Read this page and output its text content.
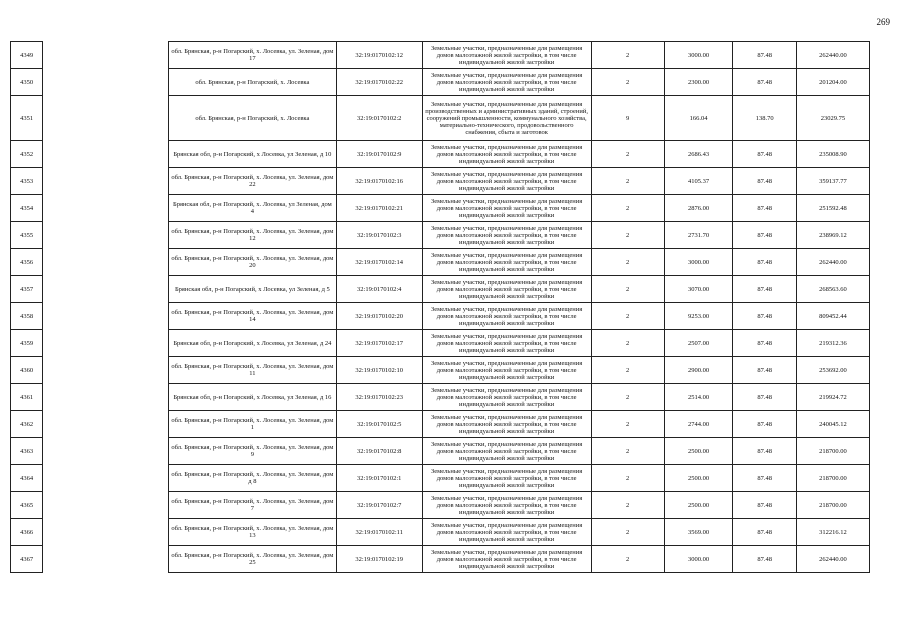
269
4349		обл. Брянская, р-н Погарский, х. Лосевка, ул. Зеленая, дом 17	32:19:0170102:12	Земельные участки, предназначенные для размещения домов малоэтажной жилой застройки, в том числе индивидуальной жилой застройки	2	3000.00	87.48	262440.00
4350		обл. Брянская, р-н Погарский, х. Лосевка	32:19:0170102:22	Земельные участки, предназначенные для размещения домов малоэтажной жилой застройки, в том числе индивидуальной жилой застройки	2	2300.00	87.48	201204.00
4351		обл. Брянская, р-н Погарский, х. Лосевка	32:19:0170102:2	Земельные участки, предназначенные для размещения производственных и административных зданий, строений, сооружений промышленности, коммунального хозяйства, материально-технического, продовольственного снабжения, сбыта и заготовок	9	166.04	138.70	23029.75
4352		Брянская обл, р-н Погарский, х Лосевка, ул Зеленая, д 10	32:19:0170102:9	Земельные участки, предназначенные для размещения домов малоэтажной жилой застройки, в том числе индивидуальной жилой застройки	2	2686.43	87.48	235008.90
4353		обл. Брянская, р-н Погарский, х. Лосевка, ул. Зеленая, дом 22	32:19:0170102:16	Земельные участки, предназначенные для размещения домов малоэтажной жилой застройки, в том числе индивидуальной жилой застройки	2	4105.37	87.48	359137.77
4354		Брянская обл, р-н Погарский, х. Лосевка, ул Зеленая, дом 4	32:19:0170102:21	Земельные участки, предназначенные для размещения домов малоэтажной жилой застройки, в том числе индивидуальной жилой застройки	2	2876.00	87.48	251592.48
4355		обл. Брянская, р-н Погарский, х. Лосевка, ул. Зеленая, дом 12	32:19:0170102:3	Земельные участки, предназначенные для размещения домов малоэтажной жилой застройки, в том числе индивидуальной жилой застройки	2	2731.70	87.48	238969.12
4356		обл. Брянская, р-н Погарский, х. Лосевка, ул. Зеленая, дом 20	32:19:0170102:14	Земельные участки, предназначенные для размещения домов малоэтажной жилой застройки, в том числе индивидуальной жилой застройки	2	3000.00	87.48	262440.00
4357		Брянская обл, р-н Погарский, х Лосевка, ул Зеленая, д 5	32:19:0170102:4	Земельные участки, предназначенные для размещения домов малоэтажной жилой застройки, в том числе индивидуальной жилой застройки	2	3070.00	87.48	268563.60
4358		обл. Брянская, р-н Погарский, х. Лосевка, ул. Зеленая, дом 14	32:19:0170102:20	Земельные участки, предназначенные для размещения домов малоэтажной жилой застройки, в том числе индивидуальной жилой застройки	2	9253.00	87.48	809452.44
4359		Брянская обл, р-н Погарский, х Лосевка, ул Зеленая, д 24	32:19:0170102:17	Земельные участки, предназначенные для размещения домов малоэтажной жилой застройки, в том числе индивидуальной жилой застройки	2	2507.00	87.48	219312.36
4360		обл. Брянская, р-н Погарский, х. Лосевка, ул. Зеленая, дом 11	32:19:0170102:10	Земельные участки, предназначенные для размещения домов малоэтажной жилой застройки, в том числе индивидуальной жилой застройки	2	2900.00	87.48	253692.00
4361		Брянская обл, р-н Погарский, х Лосевка, ул Зеленая, д 16	32:19:0170102:23	Земельные участки, предназначенные для размещения домов малоэтажной жилой застройки, в том числе индивидуальной жилой застройки	2	2514.00	87.48	219924.72
4362		обл. Брянская, р-н Погарский, х. Лосевка, ул. Зеленая, дом 1	32:19:0170102:5	Земельные участки, предназначенные для размещения домов малоэтажной жилой застройки, в том числе индивидуальной жилой застройки	2	2744.00	87.48	240045.12
4363		обл. Брянская, р-н Погарский, х. Лосевка, ул. Зеленая, дом 9	32:19:0170102:8	Земельные участки, предназначенные для размещения домов малоэтажной жилой застройки, в том числе индивидуальной жилой застройки	2	2500.00	87.48	218700.00
4364		обл. Брянская, р-н Погарский, х. Лосевка, ул. Зеленая, дом д 8	32:19:0170102:1	Земельные участки, предназначенные для размещения домов малоэтажной жилой застройки, в том числе индивидуальной жилой застройки	2	2500.00	87.48	218700.00
4365		обл. Брянская, р-н Погарский, х. Лосевка, ул. Зеленая, дом 7	32:19:0170102:7	Земельные участки, предназначенные для размещения домов малоэтажной жилой застройки, в том числе индивидуальной жилой застройки	2	2500.00	87.48	218700.00
4366		обл. Брянская, р-н Погарский, х. Лосевка, ул. Зеленая, дом 13	32:19:0170102:11	Земельные участки, предназначенные для размещения домов малоэтажной жилой застройки, в том числе индивидуальной жилой застройки	2	3569.00	87.48	312216.12
4367		обл. Брянская, р-н Погарский, х. Лосевка, ул. Зеленая, дом 25	32:19:0170102:19	Земельные участки, предназначенные для размещения домов малоэтажной жилой застройки, в том числе индивидуальной жилой застройки	2	3000.00	87.48	262440.00
